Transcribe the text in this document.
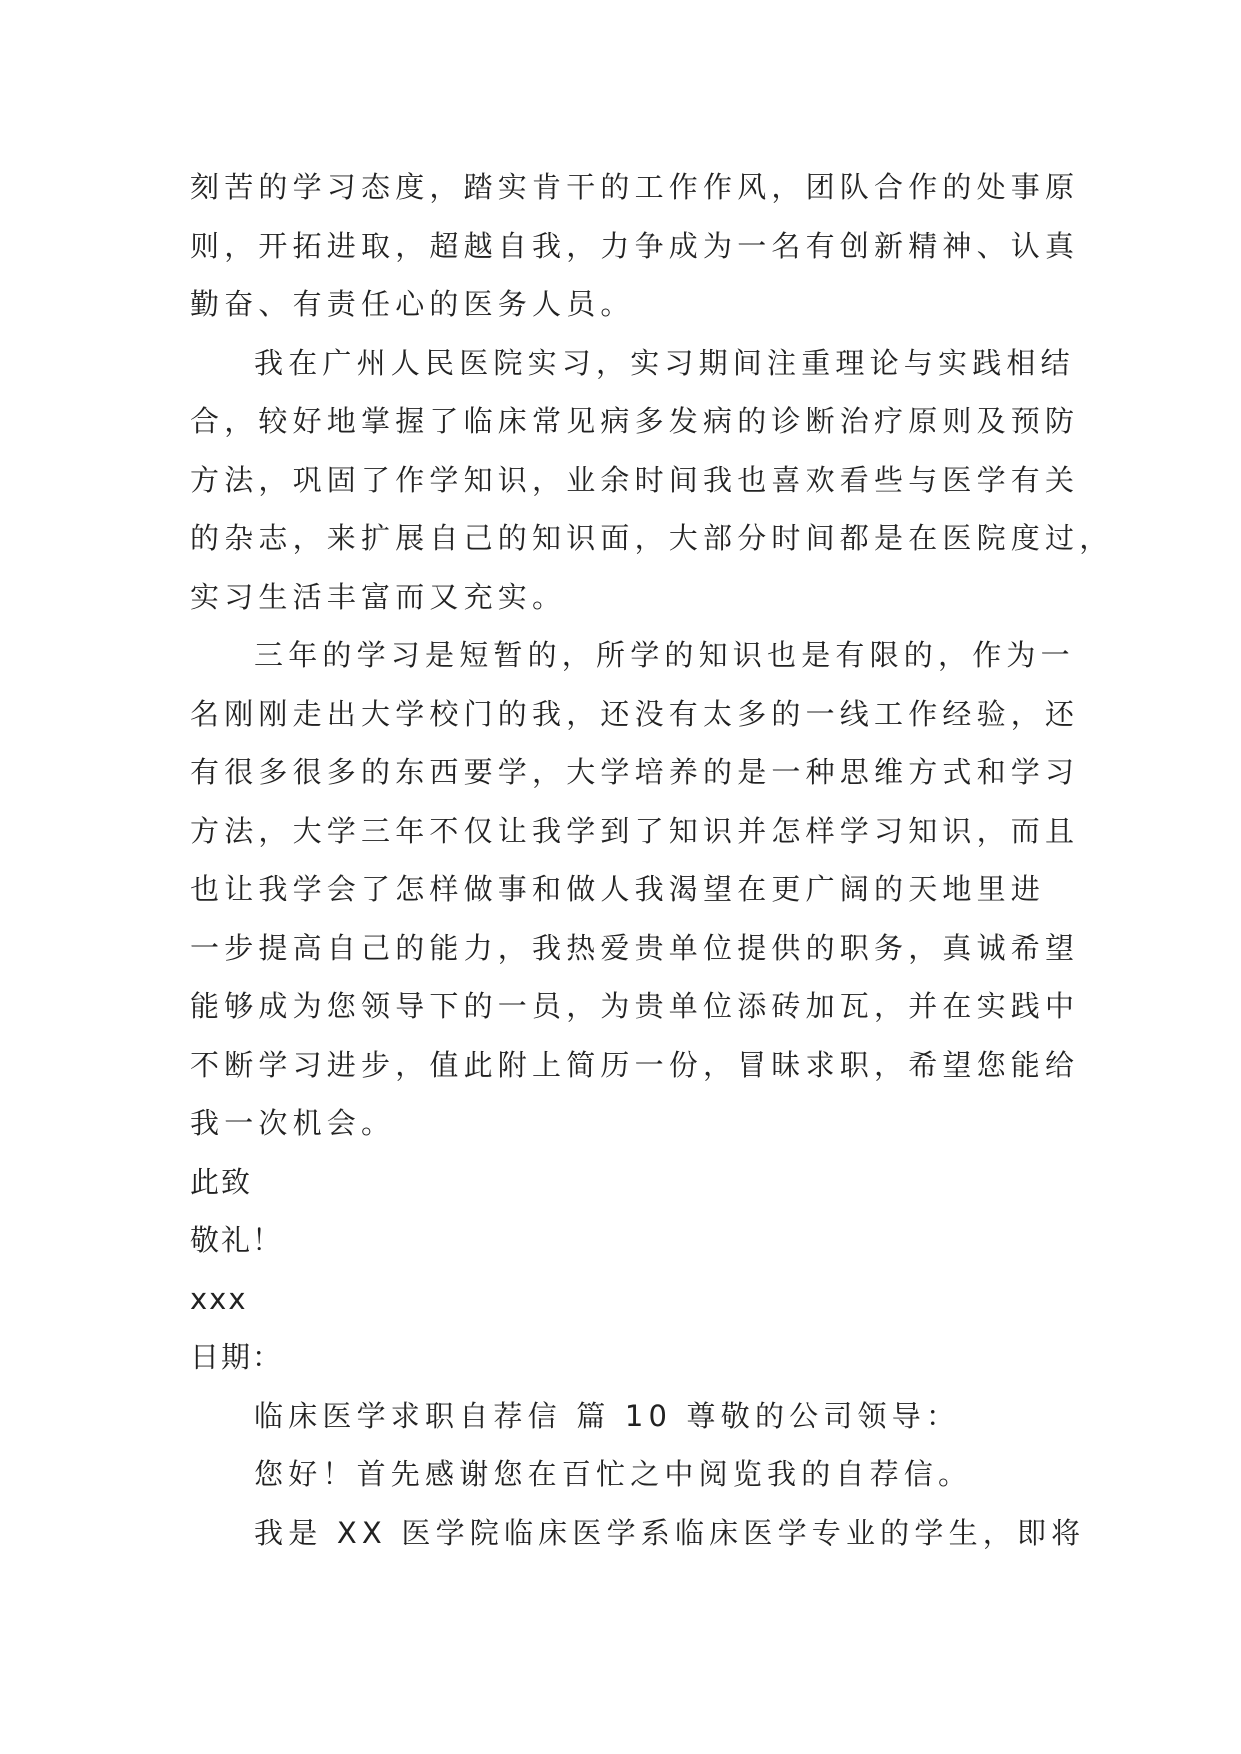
刻苦的学习态度，踏实肯干的工作作风，团队合作的处事原
则，开拓进取，超越自我，力争成为一名有创新精神、认真
勤奋、有责任心的医务人员。
我在广州人民医院实习，实习期间注重理论与实践相结
合，较好地掌握了临床常见病多发病的诊断治疗原则及预防
方法，巩固了作学知识，业余时间我也喜欢看些与医学有关
的杂志，来扩展自己的知识面，大部分时间都是在医院度过，
实习生活丰富而又充实。
三年的学习是短暂的，所学的知识也是有限的，作为一
名刚刚走出大学校门的我，还没有太多的一线工作经验，还
有很多很多的东西要学，大学培养的是一种思维方式和学习
方法，大学三年不仅让我学到了知识并怎样学习知识，而且
也让我学会了怎样做事和做人我渴望在更广阔的天地里进
一步提高自己的能力，我热爱贵单位提供的职务，真诚希望
能够成为您领导下的一员，为贵单位添砖加瓦，并在实践中
不断学习进步，值此附上简历一份，冒昧求职，希望您能给
我一次机会。
此致
敬礼！
xxx
日期：
临床医学求职自荐信 篇 10 尊敬的公司领导：
您好！首先感谢您在百忙之中阅览我的自荐信。
我是 XX 医学院临床医学系临床医学专业的学生，即将
